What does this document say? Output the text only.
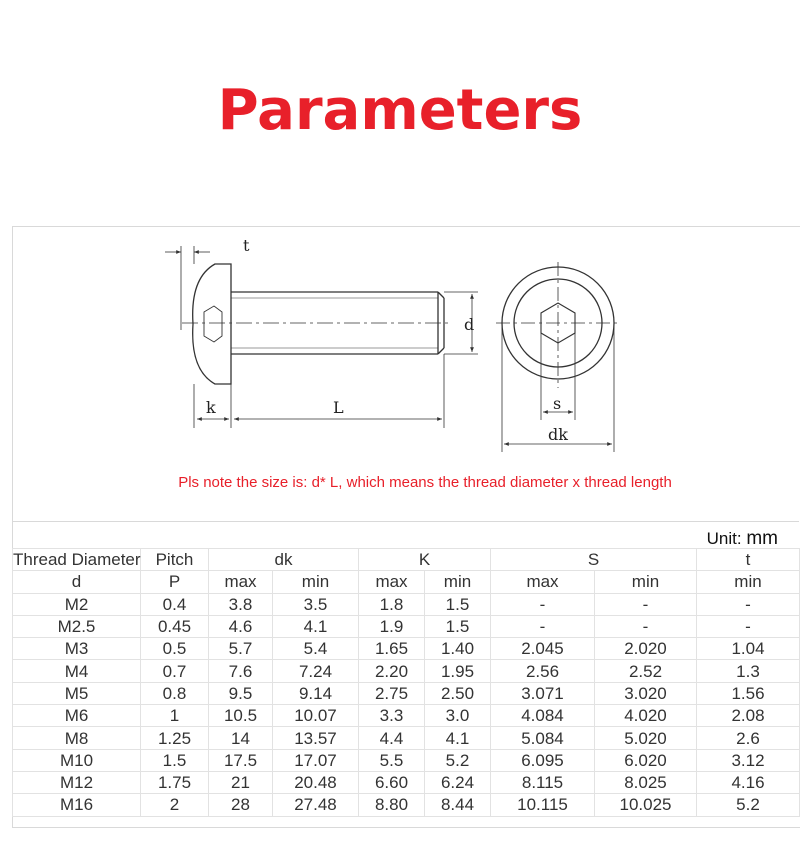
Parameters
t
d
k	L	s
dk
Pls note the size is: d* L, which means the thread diameter x thread length
Unit: mm
Thread Diameter	Pitch	dk		K		S		t
d	P	max	min	max	min	max	min	min
M2	0.4	3.8	3.5	1.8	1.5	-	-	-
M2.5	0.45	4.6	4.1	1.9	1.5	-	-	-
M3	0.5	5.7	5.4	1.65	1.40	2.045	2.020	1.04
M4	0.7	7.6	7.24	2.20	1.95	2.56	2.52	1.3
M5	0.8	9.5	9.14	2.75	2.50	3.071	3.020	1.56
M6	1	10.5	10.07	3.3	3.0	4.084	4.020	2.08
M8	1.25	14	13.57	4.4	4.1	5.084	5.020	2.6
M10	1.5	17.5	17.07	5.5	5.2	6.095	6.020	3.12
M12	1.75	21	20.48	6.60	6.24	8.115	8.025	4.16
M16	2	28	27.48	8.80	8.44	10.115	10.025	5.2
